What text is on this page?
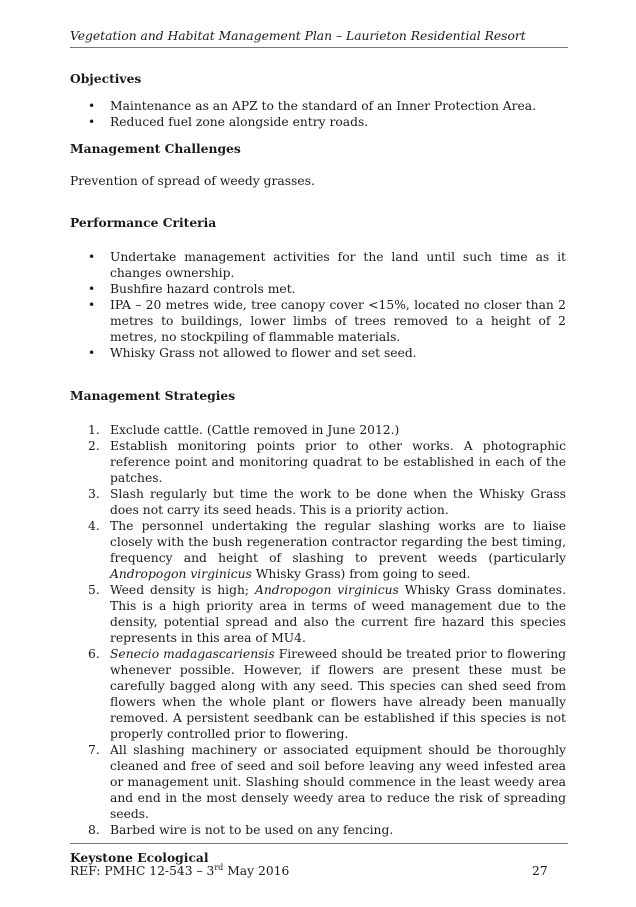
Vegetation and Habitat Management Plan – Laurieton Residential Resort

Objectives

• Maintenance as an APZ to the standard of an Inner Protection Area.
• Reduced fuel zone alongside entry roads.

Management Challenges

Prevention of spread of weedy grasses.

Performance Criteria

• Undertake management activities for the land until such time as it changes ownership.
• Bushfire hazard controls met.
• IPA – 20 metres wide, tree canopy cover <15%, located no closer than 2 metres to buildings, lower limbs of trees removed to a height of 2 metres, no stockpiling of flammable materials.
• Whisky Grass not allowed to flower and set seed.

Management Strategies

1. Exclude cattle. (Cattle removed in June 2012.)
2. Establish monitoring points prior to other works. A photographic reference point and monitoring quadrat to be established in each of the patches.
3. Slash regularly but time the work to be done when the Whisky Grass does not carry its seed heads. This is a priority action.
4. The personnel undertaking the regular slashing works are to liaise closely with the bush regeneration contractor regarding the best timing, frequency and height of slashing to prevent weeds (particularly Andropogon virginicus Whisky Grass) from going to seed.
5. Weed density is high; Andropogon virginicus Whisky Grass dominates. This is a high priority area in terms of weed management due to the density, potential spread and also the current fire hazard this species represents in this area of MU4.
6. Senecio madagascariensis Fireweed should be treated prior to flowering whenever possible. However, if flowers are present these must be carefully bagged along with any seed. This species can shed seed from flowers when the whole plant or flowers have already been manually removed. A persistent seedbank can be established if this species is not properly controlled prior to flowering.
7. All slashing machinery or associated equipment should be thoroughly cleaned and free of seed and soil before leaving any weed infested area or management unit. Slashing should commence in the least weedy area and end in the most densely weedy area to reduce the risk of spreading seeds.
8. Barbed wire is not to be used on any fencing.
Keystone Ecological
REF: PMHC 12-543 – 3rd May 2016	27
